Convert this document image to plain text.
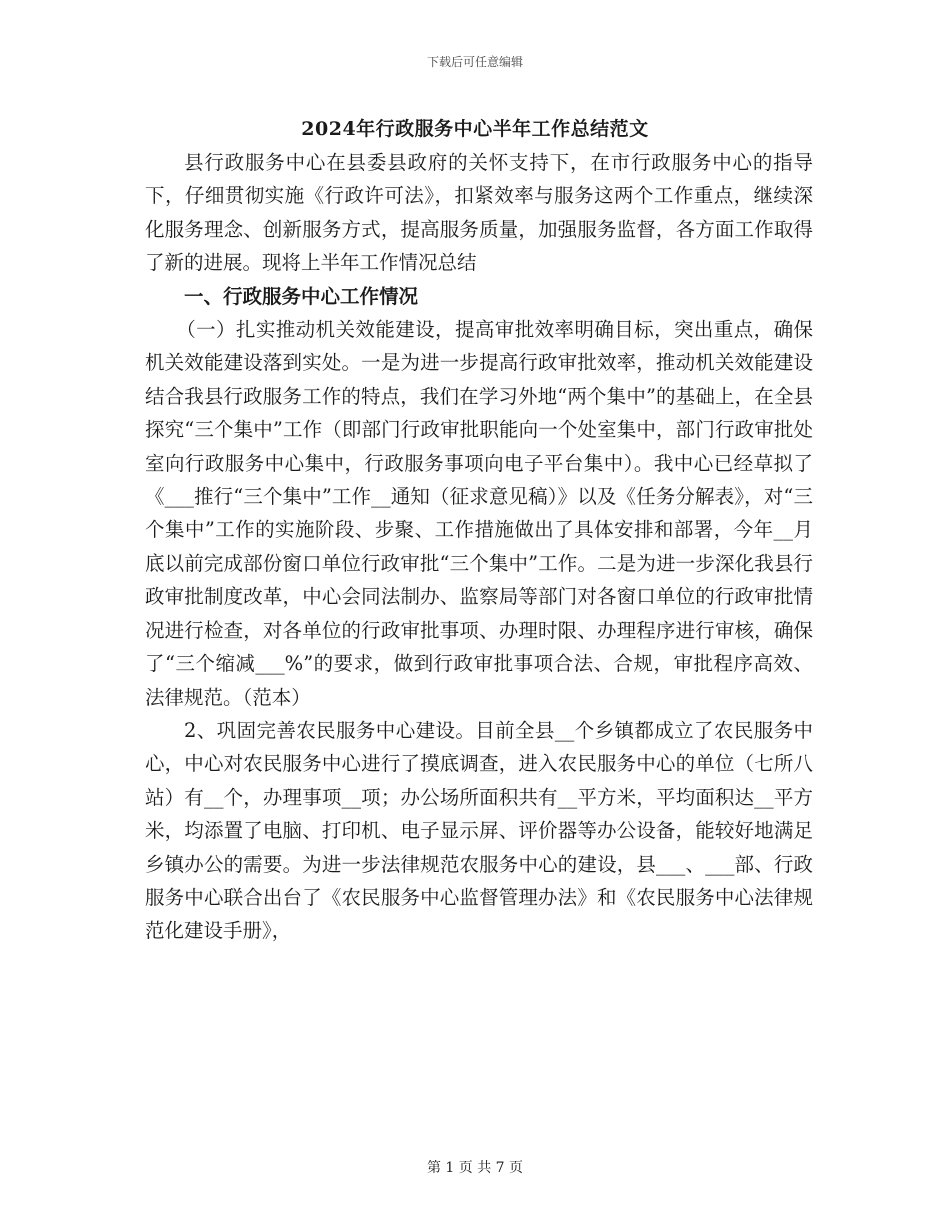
下载后可任意编辑
2024年行政服务中心半年工作总结范文

县行政服务中心在县委县政府的关怀支持下，在市行政服务中心的指导下，仔细贯彻实施《行政许可法》，扣紧效率与服务这两个工作重点，继续深化服务理念、创新服务方式，提高服务质量，加强服务监督，各方面工作取得了新的进展。现将上半年工作情况总结

一、行政服务中心工作情况

（一）扎实推动机关效能建设，提高审批效率明确目标，突出重点，确保机关效能建设落到实处。一是为进一步提高行政审批效率，推动机关效能建设结合我县行政服务工作的特点，我们在学习外地“两个集中”的基础上，在全县探究“三个集中”工作（即部门行政审批职能向一个处室集中，部门行政审批处室向行政服务中心集中，行政服务事项向电子平台集中）。我中心已经草拟了《___推行“三个集中”工作__通知（征求意见稿）》以及《任务分解表》，对“三个集中”工作的实施阶段、步聚、工作措施做出了具体安排和部署，今年__月底以前完成部份窗口单位行政审批“三个集中”工作。二是为进一步深化我县行政审批制度改革，中心会同法制办、监察局等部门对各窗口单位的行政审批情况进行检查，对各单位的行政审批事项、办理时限、办理程序进行审核，确保了“三个缩减___%”的要求，做到行政审批事项合法、合规，审批程序高效、法律规范。（范本）

2、巩固完善农民服务中心建设。目前全县__个乡镇都成立了农民服务中心，中心对农民服务中心进行了摸底调查，进入农民服务中心的单位（七所八站）有__个，办理事项__项；办公场所面积共有__平方米，平均面积达__平方米，均添置了电脑、打印机、电子显示屏、评价器等办公设备，能较好地满足乡镇办公的需要。为进一步法律规范农服务中心的建设，县___、___部、行政服务中心联合出台了《农民服务中心监督管理办法》和《农民服务中心法律规范化建设手册》，

第 1 页 共 7 页
